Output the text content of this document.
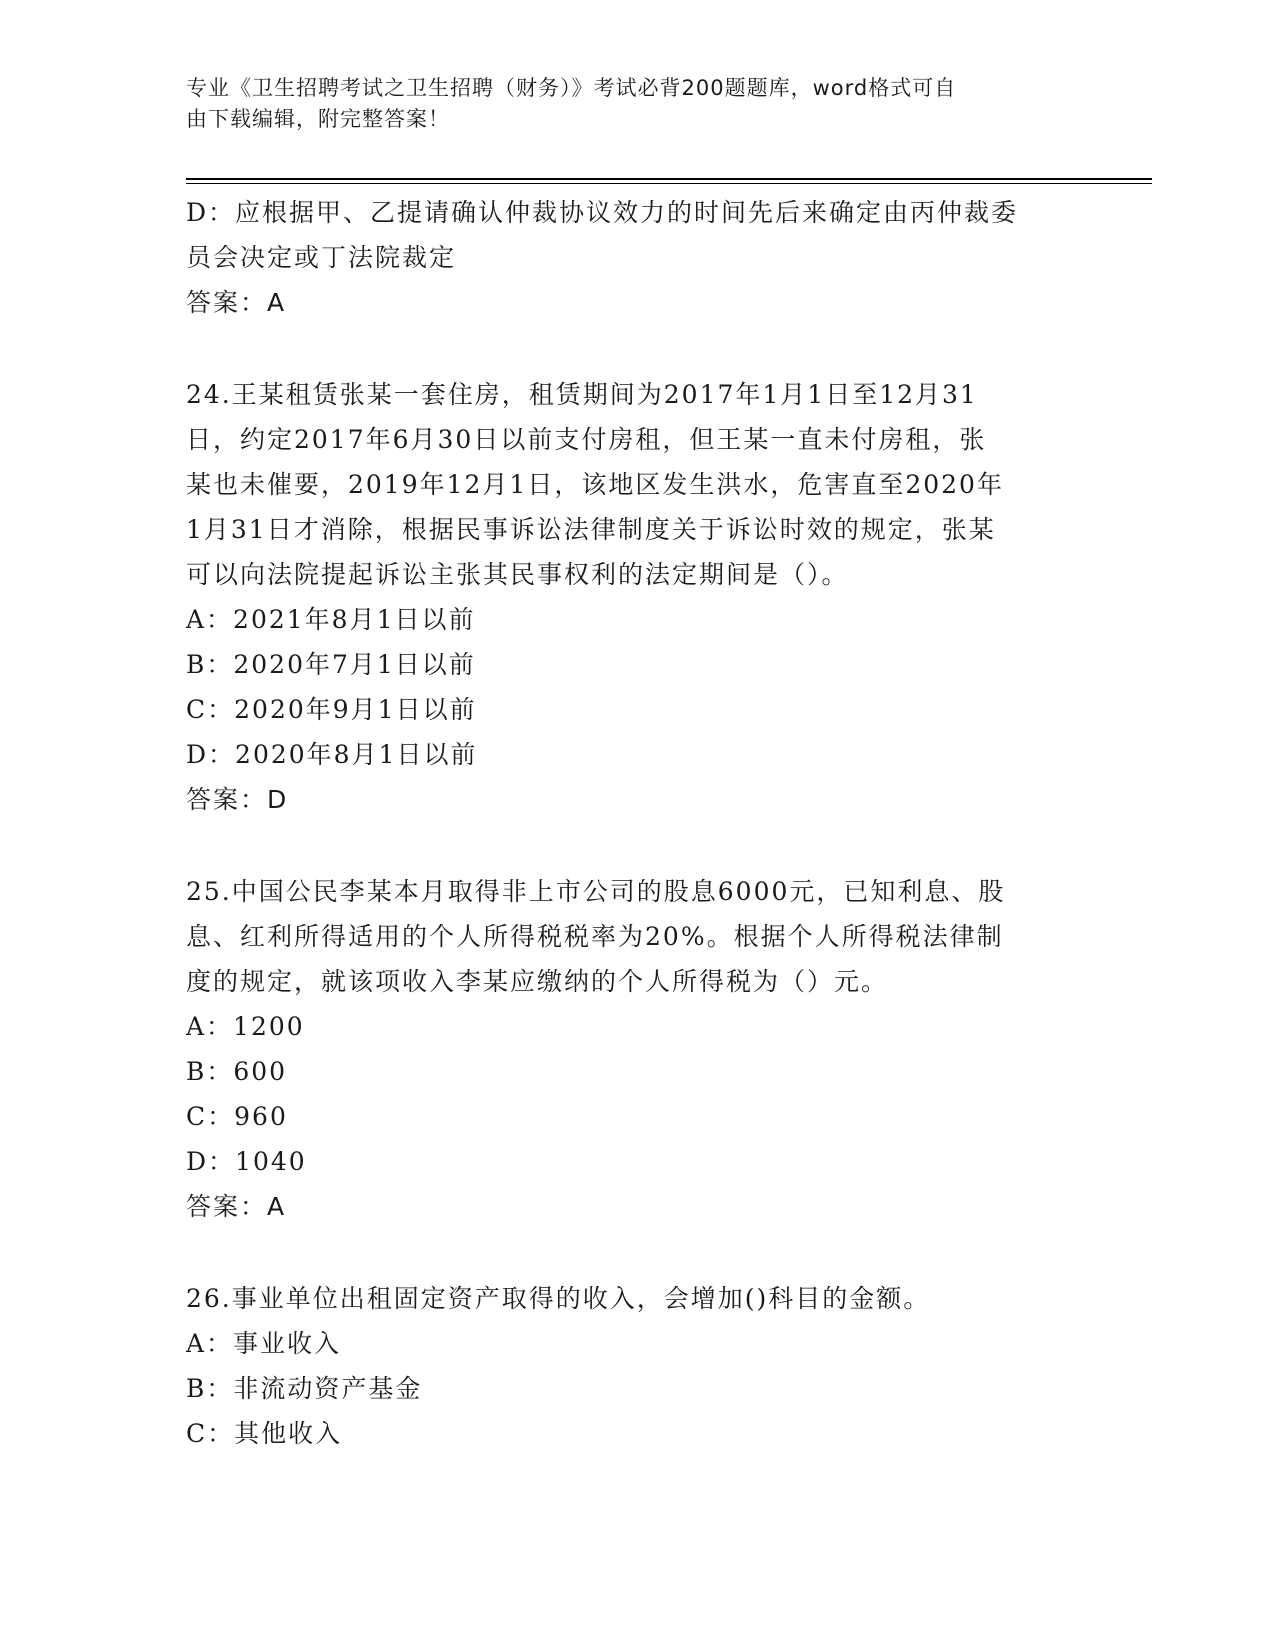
专业《卫生招聘考试之卫生招聘（财务）》考试必背200题题库，word格式可自
由下载编辑，附完整答案！

D：应根据甲、乙提请确认仲裁协议效力的时间先后来确定由丙仲裁委

员会决定或丁法院裁定

答案：A

24.王某租赁张某一套住房，租赁期间为2017年1月1日至12月31

日，约定2017年6月30日以前支付房租，但王某一直未付房租，张

某也未催要，2019年12月1日，该地区发生洪水，危害直至2020年

1月31日才消除，根据民事诉讼法律制度关于诉讼时效的规定，张某

可以向法院提起诉讼主张其民事权利的法定期间是（）。

A：2021年8月1日以前

B：2020年7月1日以前

C：2020年9月1日以前

D：2020年8月1日以前

答案：D

25.中国公民李某本月取得非上市公司的股息6000元，已知利息、股

息、红利所得适用的个人所得税税率为20%。根据个人所得税法律制

度的规定，就该项收入李某应缴纳的个人所得税为（）元。

A：1200

B：600

C：960

D：1040

答案：A

26.事业单位出租固定资产取得的收入，会增加()科目的金额。

A：事业收入

B：非流动资产基金

C：其他收入
